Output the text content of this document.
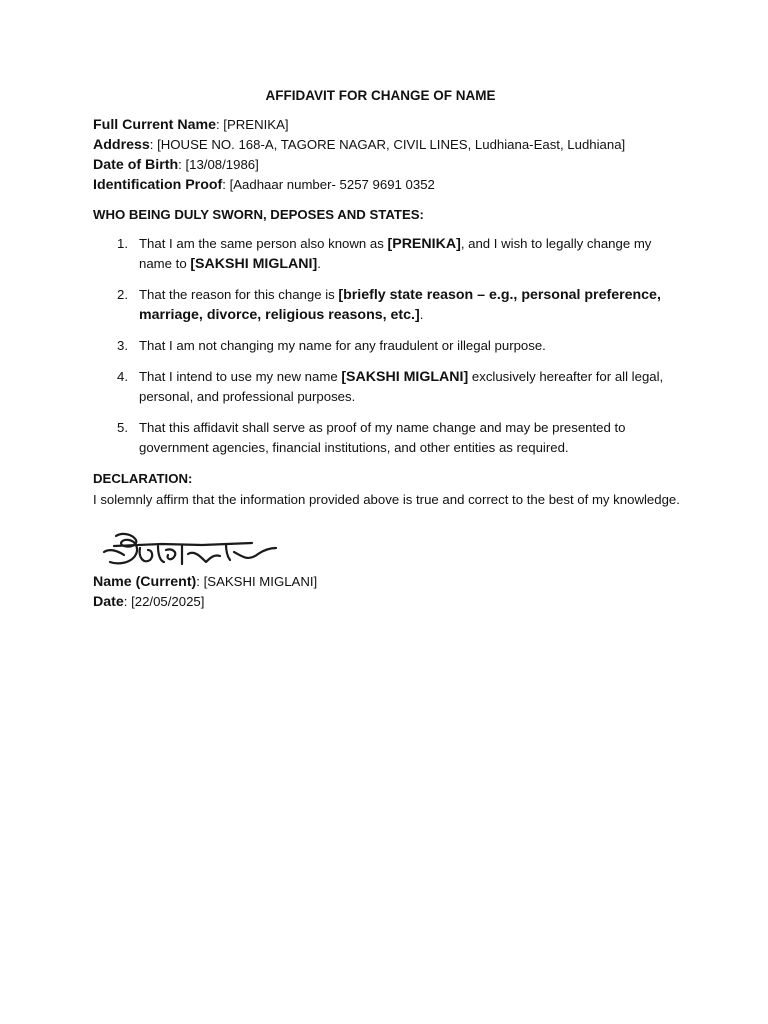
AFFIDAVIT FOR CHANGE OF NAME

Full Current Name: [PRENIKA]

Address: [HOUSE NO. 168-A, TAGORE NAGAR, CIVIL LINES, Ludhiana-East, Ludhiana]

Date of Birth: [13/08/1986]

Identification Proof: [Aadhaar number- 5257 9691 0352

WHO BEING DULY SWORN, DEPOSES AND STATES:
1. That I am the same person also known as [PRENIKA], and I wish to legally change my name to [SAKSHI MIGLANI].
2. That the reason for this change is [briefly state reason – e.g., personal preference, marriage, divorce, religious reasons, etc.].
3. That I am not changing my name for any fraudulent or illegal purpose.
4. That I intend to use my new name [SAKSHI MIGLANI] exclusively hereafter for all legal, personal, and professional purposes.
5. That this affidavit shall serve as proof of my name change and may be presented to government agencies, financial institutions, and other entities as required.
DECLARATION:

I solemnly affirm that the information provided above is true and correct to the best of my knowledge.

Name (Current): [SAKSHI MIGLANI]

Date: [22/05/2025]
